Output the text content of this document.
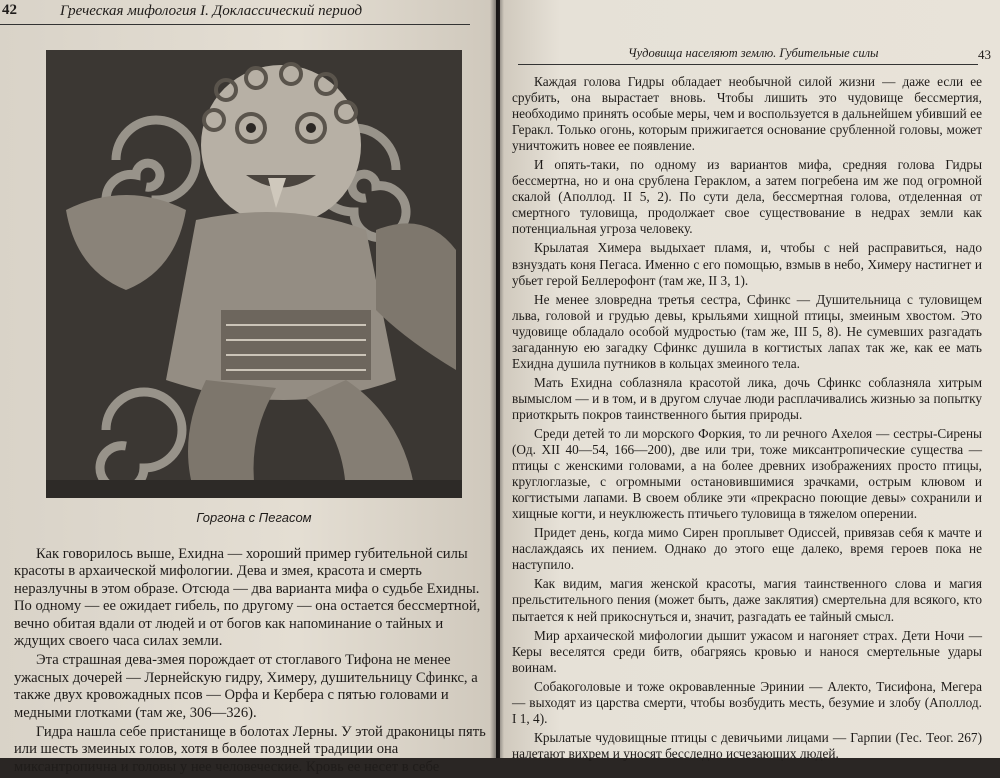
42	Греческая мифология I. Доклассический период
Горгона с Пегасом

Как говорилось выше, Ехидна — хороший пример губительной силы красоты в архаической мифологии. Дева и змея, красота и смерть неразлучны в этом образе. Отсюда — два варианта мифа о судьбе Ехидны. По одному — ее ожидает гибель, по другому — она остается бессмертной, вечно обитая вдали от людей и от богов как напоминание о тайных и ждущих своего часа силах земли.

Эта страшная дева-змея порождает от стоглавого Тифона не менее ужасных дочерей — Лернейскую гидру, Химеру, душительницу Сфинкс, а также двух кровожадных псов — Орфа и Кербера с пятью головами и медными глотками (там же, 306—326).

Гидра нашла себе пристанище в болотах Лерны. У этой драконицы пять или шесть змеиных голов, хотя в более поздней традиции она миксантропична и головы у нее человеческие. Кровь ее несет в себе

Чудовища населяют землю. Губительные силы	43

Каждая голова Гидры обладает необычной силой жизни — даже если ее срубить, она вырастает вновь. Чтобы лишить это чудовище бессмертия, необходимо принять особые меры, чем и воспользуется в дальнейшем убивший ее Геракл. Только огонь, которым прижигается основание срубленной головы, может уничтожить новее ее появление.

И опять-таки, по одному из вариантов мифа, средняя голова Гидры бессмертна, но и она срублена Гераклом, а затем погребена им же под огромной скалой (Аполлод. II 5, 2). По сути дела, бессмертная голова, отделенная от смертного туловища, продолжает свое существование в недрах земли как потенциальная угроза человеку.

Крылатая Химера выдыхает пламя, и, чтобы с ней расправиться, надо взнуздать коня Пегаса. Именно с его помощью, взмыв в небо, Химеру настигнет и убьет герой Беллерофонт (там же, II 3, 1).

Не менее зловредна третья сестра, Сфинкс — Душительница с туловищем льва, головой и грудью девы, крыльями хищной птицы, змеиным хвостом. Это чудовище обладало особой мудростью (там же, III 5, 8). Не сумевших разгадать загаданную ею загадку Сфинкс душила в когтистых лапах так же, как ее мать Ехидна душила путников в кольцах змеиного тела.

Мать Ехидна соблазняла красотой лика, дочь Сфинкс соблазняла хитрым вымыслом — и в том, и в другом случае люди расплачивались жизнью за попытку приоткрыть покров таинственного бытия природы.

Среди детей то ли морского Форкия, то ли речного Ахелоя — сестры-Сирены (Од. XII 40—54, 166—200), две или три, тоже миксантропические существа — птицы с женскими головами, а на более древних изображениях просто птицы, круглоглазые, с огромными остановившимися зрачками, острым клювом и когтистыми лапами. В своем облике эти «прекрасно поющие девы» сохранили и хищные когти, и неуклюжесть птичьего туловища в тяжелом оперении.

Придет день, когда мимо Сирен проплывет Одиссей, привязав себя к мачте и наслаждаясь их пением. Однако до этого еще далеко, время героев пока не наступило.

Как видим, магия женской красоты, магия таинственного слова и магия прельстительного пения (может быть, даже заклятия) смертельна для всякого, кто пытается к ней прикоснуться и, значит, разгадать ее тайный смысл.

Мир архаической мифологии дышит ужасом и нагоняет страх. Дети Ночи — Керы веселятся среди битв, обагряясь кровью и нанося смертельные удары воинам.

Собакоголовые и тоже окровавленные Эринии — Алекто, Тисифона, Мегера — выходят из царства смерти, чтобы возбудить месть, безумие и злобу (Аполлод. I 1, 4).

Крылатые чудовищные птицы с девичьими лицами — Гарпии (Гес. Теог. 267) налетают вихрем и уносят бесследно исчезающих людей.
